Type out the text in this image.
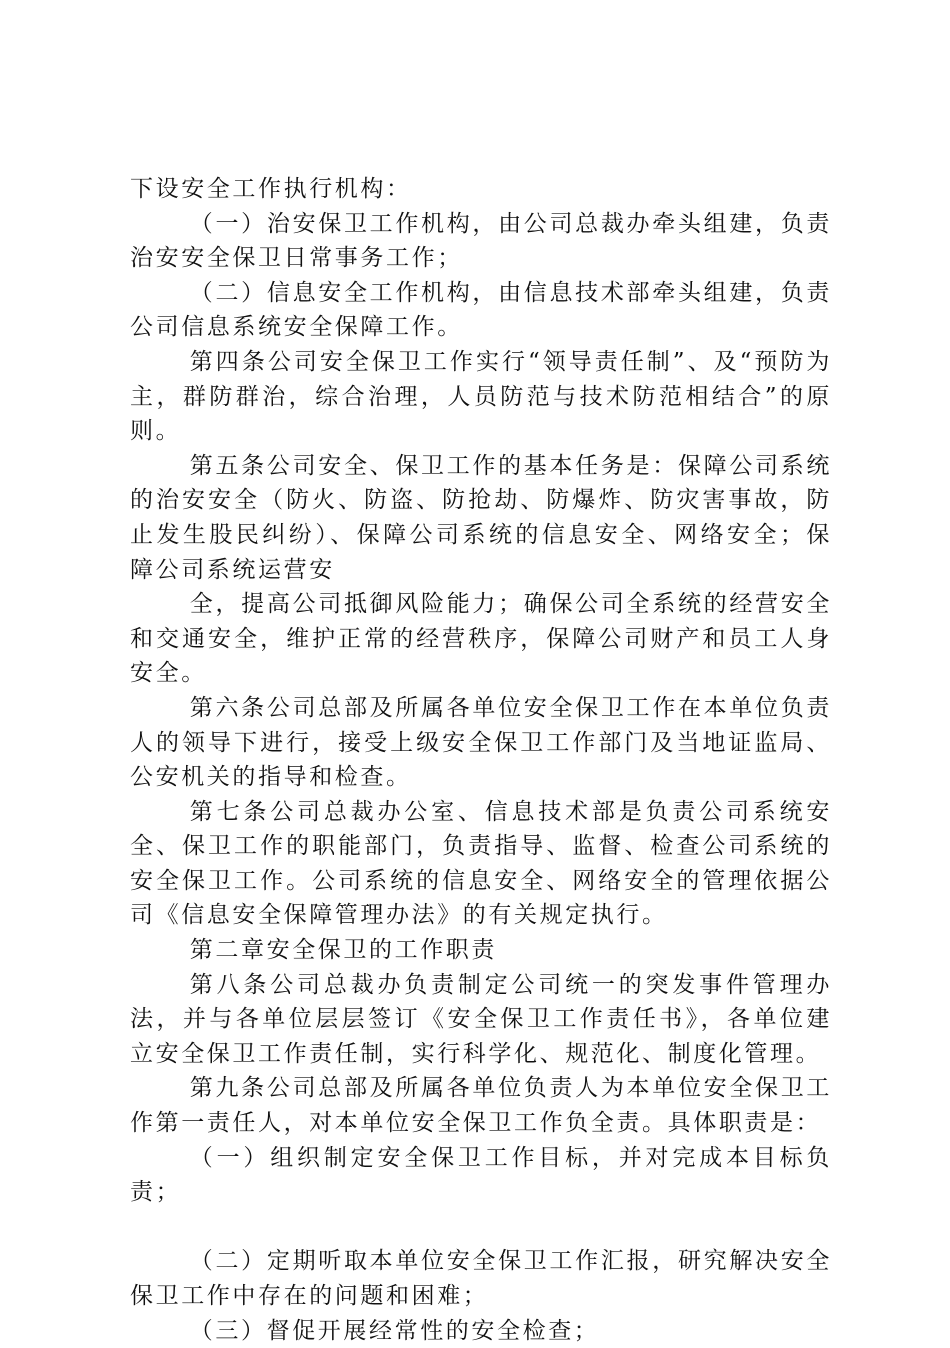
下设安全工作执行机构：

（一）治安保卫工作机构，由公司总裁办牵头组建，负责治安安全保卫日常事务工作；

（二）信息安全工作机构，由信息技术部牵头组建，负责公司信息系统安全保障工作。

第四条公司安全保卫工作实行“领导责任制”、及“预防为主，群防群治，综合治理，人员防范与技术防范相结合”的原则。

第五条公司安全、保卫工作的基本任务是：保障公司系统的治安安全（防火、防盗、防抢劫、防爆炸、防灾害事故，防止发生股民纠纷）、保障公司系统的信息安全、网络安全；保障公司系统运营安

全，提高公司抵御风险能力；确保公司全系统的经营安全和交通安全，维护正常的经营秩序，保障公司财产和员工人身安全。

第六条公司总部及所属各单位安全保卫工作在本单位负责人的领导下进行，接受上级安全保卫工作部门及当地证监局、公安机关的指导和检查。

第七条公司总裁办公室、信息技术部是负责公司系统安全、保卫工作的职能部门，负责指导、监督、检查公司系统的安全保卫工作。公司系统的信息安全、网络安全的管理依据公司《信息安全保障管理办法》的有关规定执行。

第二章安全保卫的工作职责

第八条公司总裁办负责制定公司统一的突发事件管理办法，并与各单位层层签订《安全保卫工作责任书》，各单位建立安全保卫工作责任制，实行科学化、规范化、制度化管理。

第九条公司总部及所属各单位负责人为本单位安全保卫工作第一责任人，对本单位安全保卫工作负全责。具体职责是：

（一）组织制定安全保卫工作目标，并对完成本目标负责；

（二）定期听取本单位安全保卫工作汇报，研究解决安全保卫工作中存在的问题和困难；

（三）督促开展经常性的安全检查；
